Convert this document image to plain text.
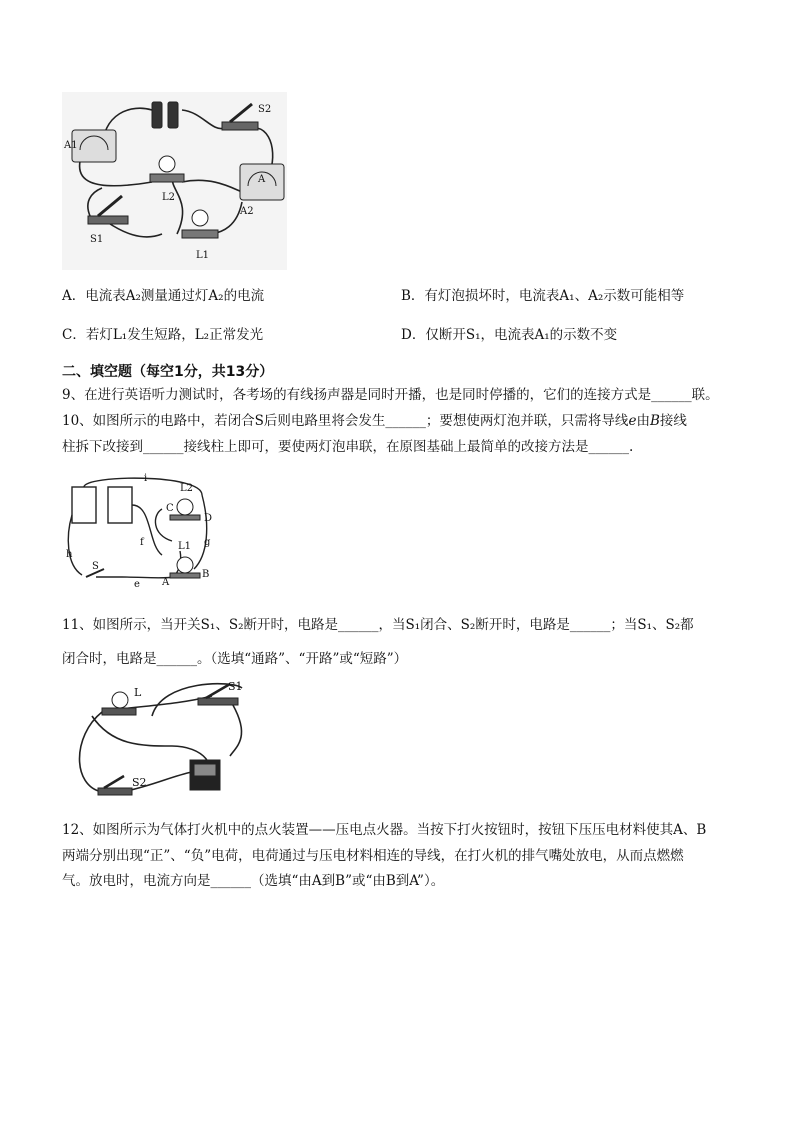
A1
S2
L2
A
A2
S1
L1
A．电流表A₂测量通过灯A₂的电流	B．有灯泡损坏时，电流表A₁、A₂示数可能相等
C．若灯L₁发生短路，L₂正常发光	D．仅断开S₁，电流表A₁的示数不变
二、填空题（每空1分，共13分）
9、在进行英语听力测试时，各考场的有线扬声器是同时开播，也是同时停播的，它们的连接方式是______联。
10、如图所示的电路中，若闭合S后则电路里将会发生______；要想使两灯泡并联，只需将导线e由B接线
柱拆下改接到______接线柱上即可，要使两灯泡串联，在原图基础上最简单的改接方法是______.
i
L2
C
D
f	g
L1
h
S
e A
B
11、如图所示，当开关S₁、S₂断开时，电路是______，当S₁闭合、S₂断开时，电路是______；当S₁、S₂都
闭合时，电路是______。（选填“通路”、“开路”或“短路”）
L	S1
S2
12、如图所示为气体打火机中的点火装置——压电点火器。当按下打火按钮时，按钮下压压电材料使其A、B
两端分别出现“正”、“负”电荷，电荷通过与压电材料相连的导线，在打火机的排气嘴处放电，从而点燃燃
气。放电时，电流方向是______（选填“由A到B”或“由B到A”）。
